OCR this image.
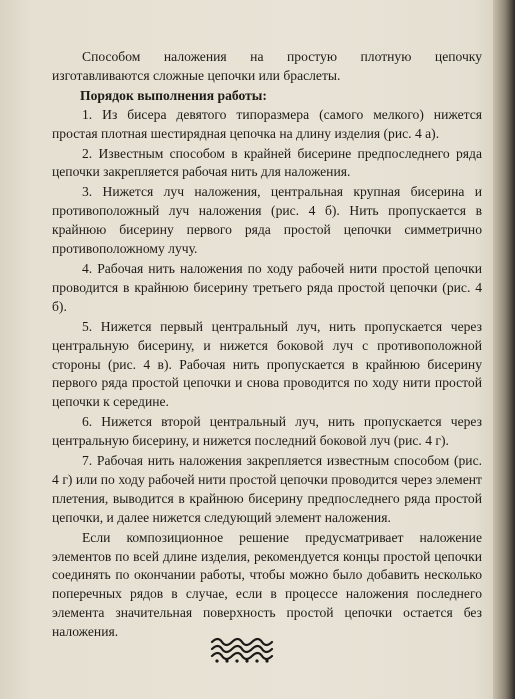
Способом наложения на простую плотную цепочку изготавливаются сложные цепочки или браслеты.

Порядок выполнения работы:

1. Из бисера девятого типоразмера (самого мелкого) нижется простая плотная шестирядная цепочка на длину изделия (рис. 4 а).

2. Известным способом в крайней бисерине предпоследнего ряда цепочки закрепляется рабочая нить для наложения.

3. Нижется луч наложения, центральная крупная бисерина и противоположный луч наложения (рис. 4 б). Нить пропускается в крайнюю бисерину первого ряда простой цепочки симметрично противоположному лучу.

4. Рабочая нить наложения по ходу рабочей нити простой цепочки проводится в крайнюю бисерину третьего ряда простой цепочки (рис. 4 б).

5. Нижется первый центральный луч, нить пропускается через центральную бисерину, и нижется боковой луч с противоположной стороны (рис. 4 в). Рабочая нить пропускается в крайнюю бисерину первого ряда простой цепочки и снова проводится по ходу нити простой цепочки к середине.

6. Нижется второй центральный луч, нить пропускается через центральную бисерину, и нижется последний боковой луч (рис. 4 г).

7. Рабочая нить наложения закрепляется известным способом (рис. 4 г) или по ходу рабочей нити простой цепочки проводится через элемент плетения, выводится в крайнюю бисерину предпоследнего ряда простой цепочки, и далее нижется следующий элемент наложения.

Если композиционное решение предусматривает наложение элементов по всей длине изделия, рекомендуется концы простой цепочки соединять по окончании работы, чтобы можно было добавить несколько поперечных рядов в случае, если в процессе наложения последнего элемента значительная поверхность простой цепочки остается без наложения.
